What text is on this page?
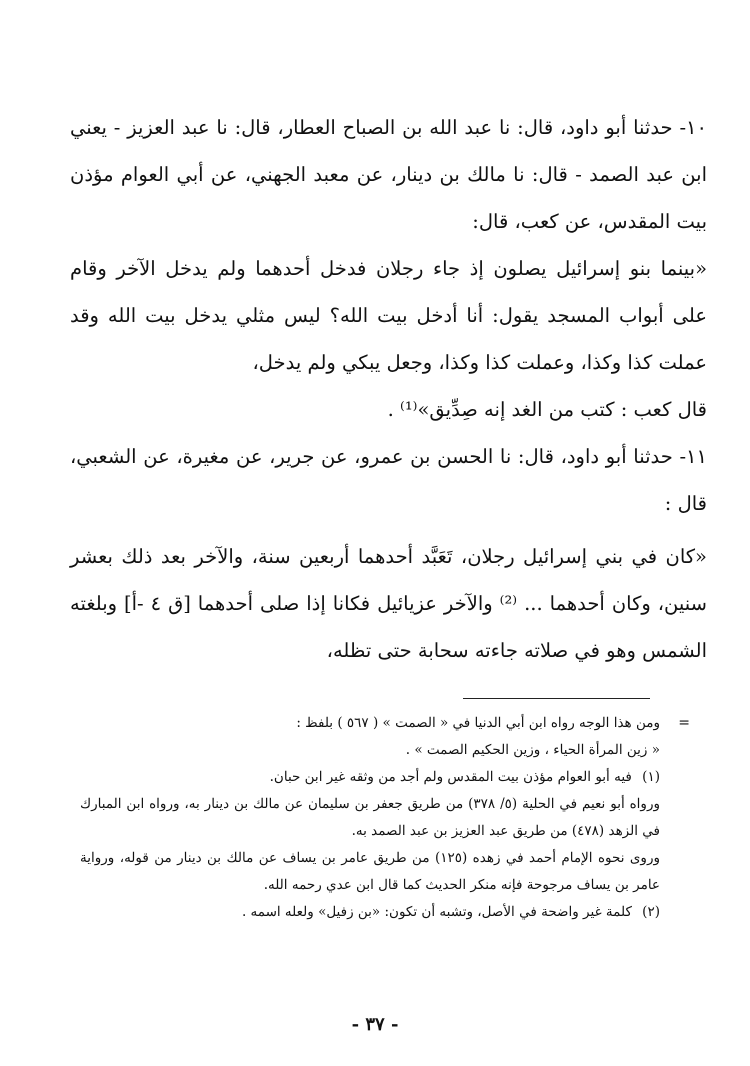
١٠- حدثنا أبو داود، قال: نا عبد الله بن الصباح العطار، قال: نا عبد العزيز - يعني ابن عبد الصمد - قال: نا مالك بن دينار، عن معبد الجهني، عن أبي العوام مؤذن بيت المقدس، عن كعب، قال:

«بينما بنو إسرائيل يصلون إذ جاء رجلان فدخل أحدهما ولم يدخل الآخر وقام على أبواب المسجد يقول: أنا أدخل بيت الله؟ ليس مثلي يدخل بيت الله وقد عملت كذا وكذا، وعملت كذا وكذا، وجعل يبكي ولم يدخل،

قال كعب : كتب من الغد إنه صِدِّيق»⁽¹⁾ .

١١- حدثنا أبو داود، قال: نا الحسن بن عمرو، عن جرير، عن مغيرة، عن الشعبي، قال :

«كان في بني إسرائيل رجلان، تَعَبَّد أحدهما أربعين سنة، والآخر بعد ذلك بعشر سنين، وكان أحدهما ... ⁽²⁾ والآخر عزيائيل فكانا إذا صلى أحدهما [ق ٤ -أ] وبلغته الشمس وهو في صلاته جاءته سحابة حتى تظله،

=
ومن هذا الوجه رواه ابن أبي الدنيا في « الصمت » ( ٥٦٧ ) بلفظ :

« زين المرأة الحياء ، وزين الحكيم الصمت » .

(١) فيه أبو العوام مؤذن بيت المقدس ولم أجد من وثقه غير ابن حبان.

ورواه أبو نعيم في الحلية (٥/ ٣٧٨) من طريق جعفر بن سليمان عن مالك بن دينار به، ورواه ابن المبارك في الزهد (٤٧٨) من طريق عبد العزيز بن عبد الصمد به.

وروى نحوه الإمام أحمد في زهده (١٢٥) من طريق عامر بن يساف عن مالك بن دينار من قوله، ورواية عامر بن يساف مرجوحة فإنه منكر الحديث كما قال ابن عدي رحمه الله.

(٢) كلمة غير واضحة في الأصل، وتشبه أن تكون: «بن زفيل» ولعله اسمه .

- ٣٧ -
